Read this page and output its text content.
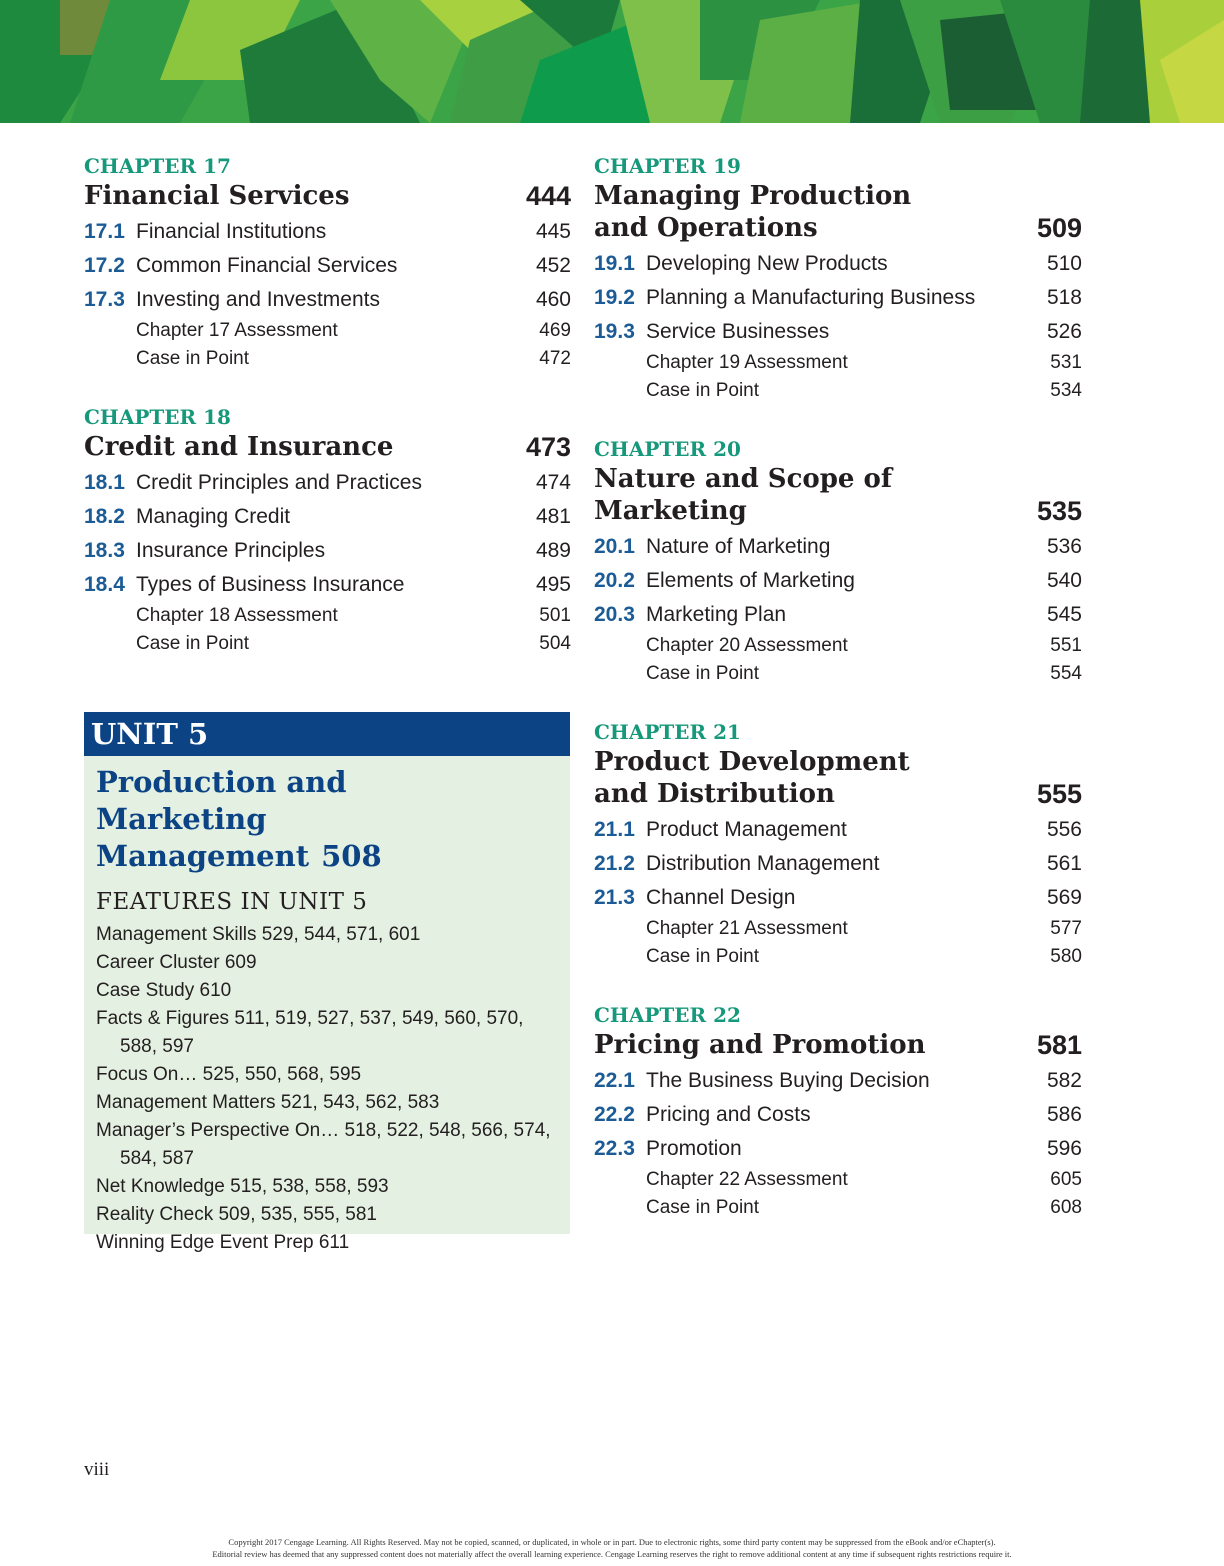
CHAPTER 17
Financial Services	444
17.1 Financial Institutions	445
17.2 Common Financial Services	452
17.3 Investing and Investments	460
Chapter 17 Assessment	469
Case in Point	472
CHAPTER 18
Credit and Insurance	473
18.1 Credit Principles and Practices	474
18.2 Managing Credit	481
18.3 Insurance Principles	489
18.4 Types of Business Insurance	495
Chapter 18 Assessment	501
Case in Point	504
UNIT 5
Production and
Marketing Management 508
FEATURES IN UNIT 5
Management Skills 529, 544, 571, 601
Career Cluster 609
Case Study 610
Facts & Figures 511, 519, 527, 537, 549, 560, 570, 588, 597
Focus On… 525, 550, 568, 595
Management Matters 521, 543, 562, 583
Manager’s Perspective On… 518, 522, 548, 566, 574, 584, 587
Net Knowledge 515, 538, 558, 593
Reality Check 509, 535, 555, 581
Winning Edge Event Prep 611
CHAPTER 19
Managing Production
and Operations	509
19.1 Developing New Products	510
19.2 Planning a Manufacturing Business	518
19.3 Service Businesses	526
Chapter 19 Assessment	531
Case in Point	534
CHAPTER 20
Nature and Scope of
Marketing	535
20.1 Nature of Marketing	536
20.2 Elements of Marketing	540
20.3 Marketing Plan	545
Chapter 20 Assessment	551
Case in Point	554
CHAPTER 21
Product Development
and Distribution	555
21.1 Product Management	556
21.2 Distribution Management	561
21.3 Channel Design	569
Chapter 21 Assessment	577
Case in Point	580
CHAPTER 22
Pricing and Promotion	581
22.1 The Business Buying Decision	582
22.2 Pricing and Costs	586
22.3 Promotion	596
Chapter 22 Assessment	605
Case in Point	608
viii
Copyright 2017 Cengage Learning. All Rights Reserved. May not be copied, scanned, or duplicated, in whole or in part. Due to electronic rights, some third party content may be suppressed from the eBook and/or eChapter(s).
Editorial review has deemed that any suppressed content does not materially affect the overall learning experience. Cengage Learning reserves the right to remove additional content at any time if subsequent rights restrictions require it.
